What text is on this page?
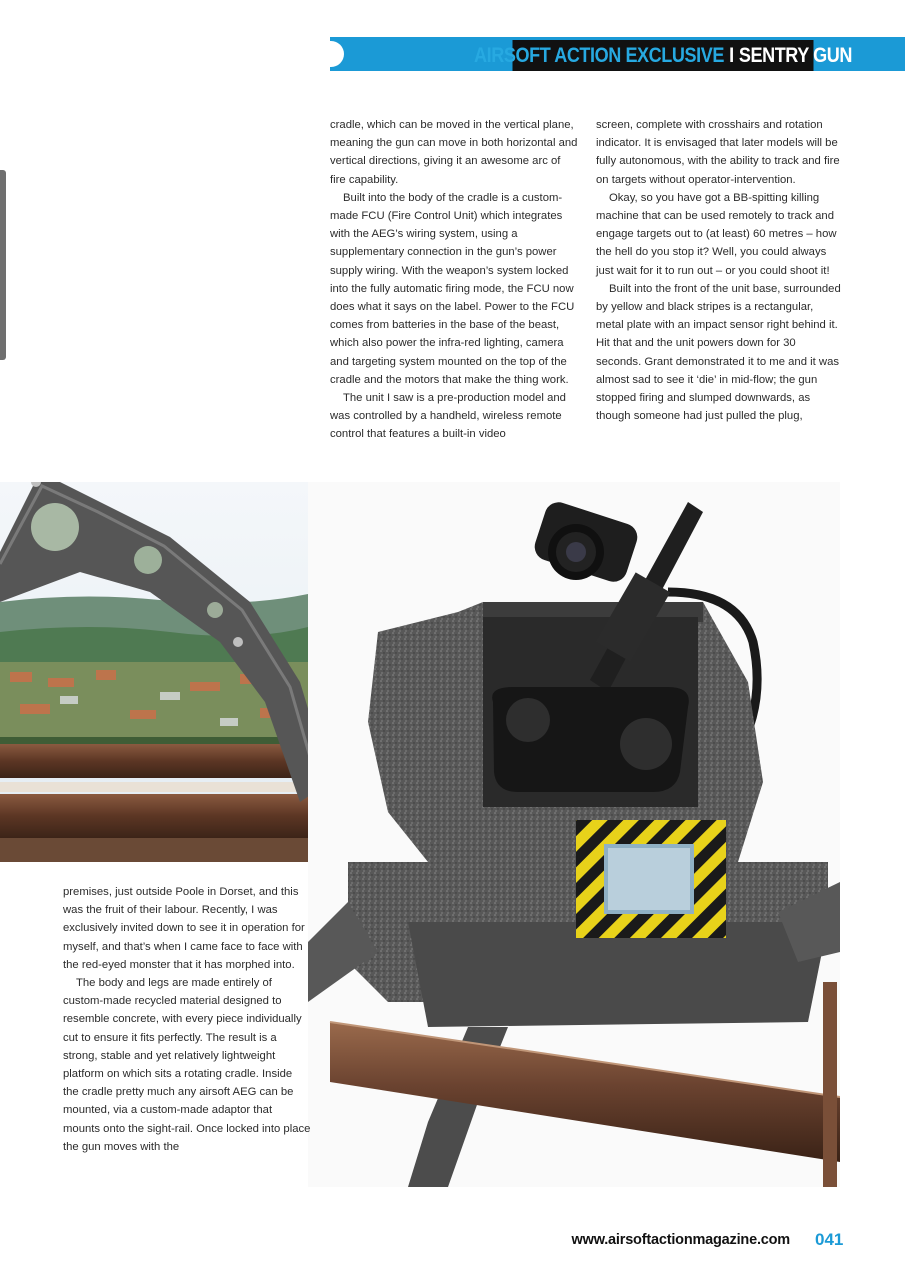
AIRSOFT ACTION EXCLUSIVE I SENTRY GUN

cradle, which can be moved in the vertical plane, meaning the gun can move in both horizontal and vertical directions, giving it an awesome arc of fire capability.

Built into the body of the cradle is a custom-made FCU (Fire Control Unit) which integrates with the AEG’s wiring system, using a supplementary connection in the gun’s power supply wiring. With the weapon’s system locked into the fully automatic firing mode, the FCU now does what it says on the label. Power to the FCU comes from batteries in the base of the beast, which also power the infra-red lighting, camera and targeting system mounted on the top of the cradle and the motors that make the thing work.

The unit I saw is a pre-production model and was controlled by a handheld, wireless remote control that features a built-in video

screen, complete with crosshairs and rotation indicator. It is envisaged that later models will be fully autonomous, with the ability to track and fire on targets without operator-intervention.

Okay, so you have got a BB-spitting killing machine that can be used remotely to track and engage targets out to (at least) 60 metres – how the hell do you stop it? Well, you could always just wait for it to run out – or you could shoot it!

Built into the front of the unit base, surrounded by yellow and black stripes is a rectangular, metal plate with an impact sensor right behind it. Hit that and the unit powers down for 30 seconds. Grant demonstrated it to me and it was almost sad to see it ‘die’ in mid-flow; the gun stopped firing and slumped downwards, as though someone had just pulled the plug,

premises, just outside Poole in Dorset, and this was the fruit of their labour. Recently, I was exclusively invited down to see it in operation for myself, and that’s when I came face to face with the red-eyed monster that it has morphed into.

The body and legs are made entirely of custom-made recycled material designed to resemble concrete, with every piece individually cut to ensure it fits perfectly. The result is a strong, stable and yet relatively lightweight platform on which sits a rotating cradle. Inside the cradle pretty much any airsoft AEG can be mounted, via a custom-made adaptor that mounts onto the sight-rail. Once locked into place the gun moves with the

www.airsoftactionmagazine.com 041
